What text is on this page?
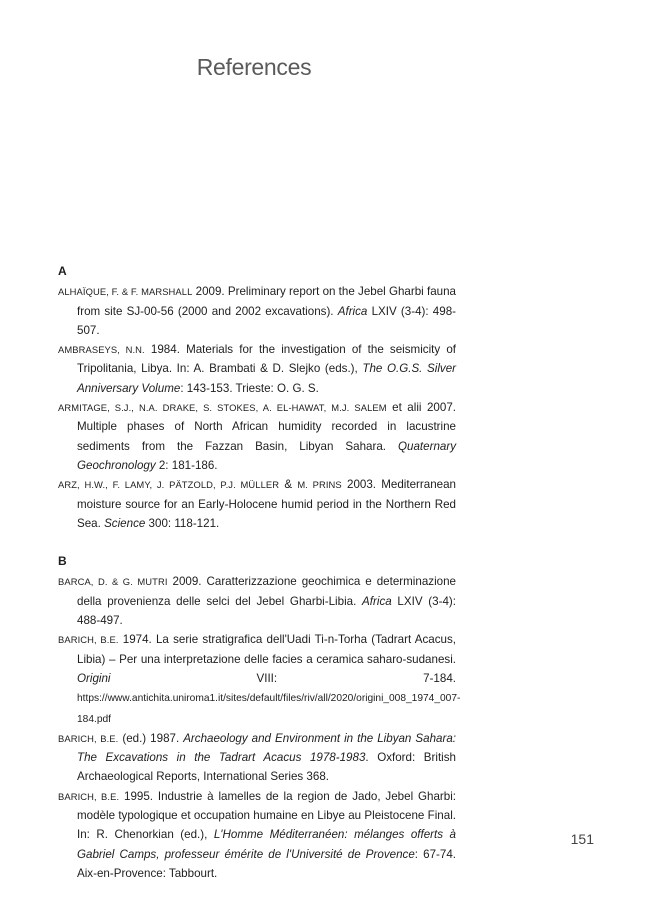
References
A
ALHAÏQUE, F. & F. MARSHALL 2009. Preliminary report on the Jebel Gharbi fauna from site SJ-00-56 (2000 and 2002 excavations). Africa LXIV (3-4): 498-507.
AMBRASEYS, N.N. 1984. Materials for the investigation of the seismicity of Tripolitania, Libya. In: A. Brambati & D. Slejko (eds.), The O.G.S. Silver Anniversary Volume: 143-153. Trieste: O. G. S.
ARMITAGE, S.J., N.A. DRAKE, S. STOKES, A. EL-HAWAT, M.J. SALEM et alii 2007. Multiple phases of North African humidity recorded in lacustrine sediments from the Fazzan Basin, Libyan Sahara. Quaternary Geochronology 2: 181-186.
ARZ, H.W., F. LAMY, J. PÄTZOLD, P.J. MÜLLER & M. PRINS 2003. Mediterranean moisture source for an Early-Holocene humid period in the Northern Red Sea. Science 300: 118-121.
B
BARCA, D. & G. MUTRI 2009. Caratterizzazione geochimica e determinazione della provenienza delle selci del Jebel Gharbi-Libia. Africa LXIV (3-4): 488-497.
BARICH, B.E. 1974. La serie stratigrafica dell'Uadi Ti-n-Torha (Tadrart Acacus, Libia) – Per una interpretazione delle facies a ceramica saharo-sudanesi. Origini VIII: 7-184. https://www.antichita.uniroma1.it/sites/default/files/riv/all/2020/origini_008_1974_007-184.pdf
BARICH, B.E. (ed.) 1987. Archaeology and Environment in the Libyan Sahara: The Excavations in the Tadrart Acacus 1978-1983. Oxford: British Archaeological Reports, International Series 368.
BARICH, B.E. 1995. Industrie à lamelles de la region de Jado, Jebel Gharbi: modèle typologique et occupation humaine en Libye au Pleistocene Final. In: R. Chenorkian (ed.), L'Homme Méditerranéen: mélanges offerts à Gabriel Camps, professeur émérite de l'Université de Provence: 67-74. Aix-en-Provence: Tabbourt.
151
